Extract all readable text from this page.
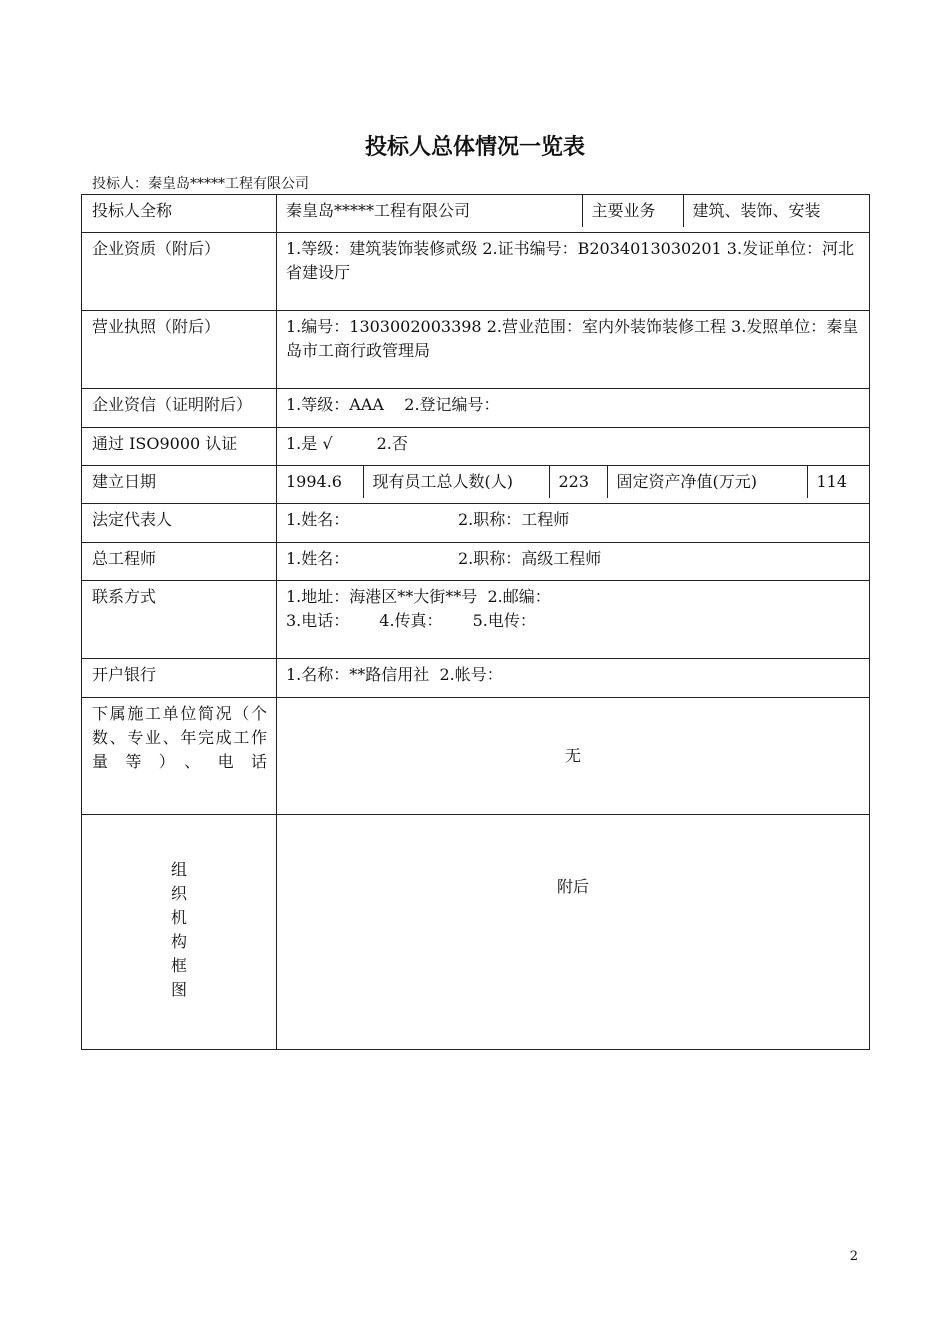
投标人总体情况一览表
投标人：秦皇岛*****工程有限公司
投标人全称		秦皇岛*****工程有限公司	主要业务	建筑、装饰、安装

企业资质（附后）	1.等级：建筑装饰装修贰级 2.证书编号：B2034013030201 3.发证单位：河北省建设厅
营业执照（附后）	1.编号：1303002003398 2.营业范围：室内外装饰装修工程 3.发照单位：秦皇岛市工商行政管理局
企业资信（证明附后）	1.等级：AAA    2.登记编号：
通过 ISO9000 认证	1.是 √	2.否
建立日期		1994.6	现有员工总人数(人)	223	固定资产净值(万元)	114

法定代表人	1.姓名：	2.职称：工程师
总工程师	1.姓名：	2.职称：高级工程师
联系方式	1.地址：海港区**大街**号  2.邮编：
3.电话： 4.传真： 5.电传：

开户银行	1.名称：**路信用社  2.帐号：
下属施工单位简况（个数、专业、年完成工作量等）、电话	无

组
织
机
构
框
图
	附后
2
